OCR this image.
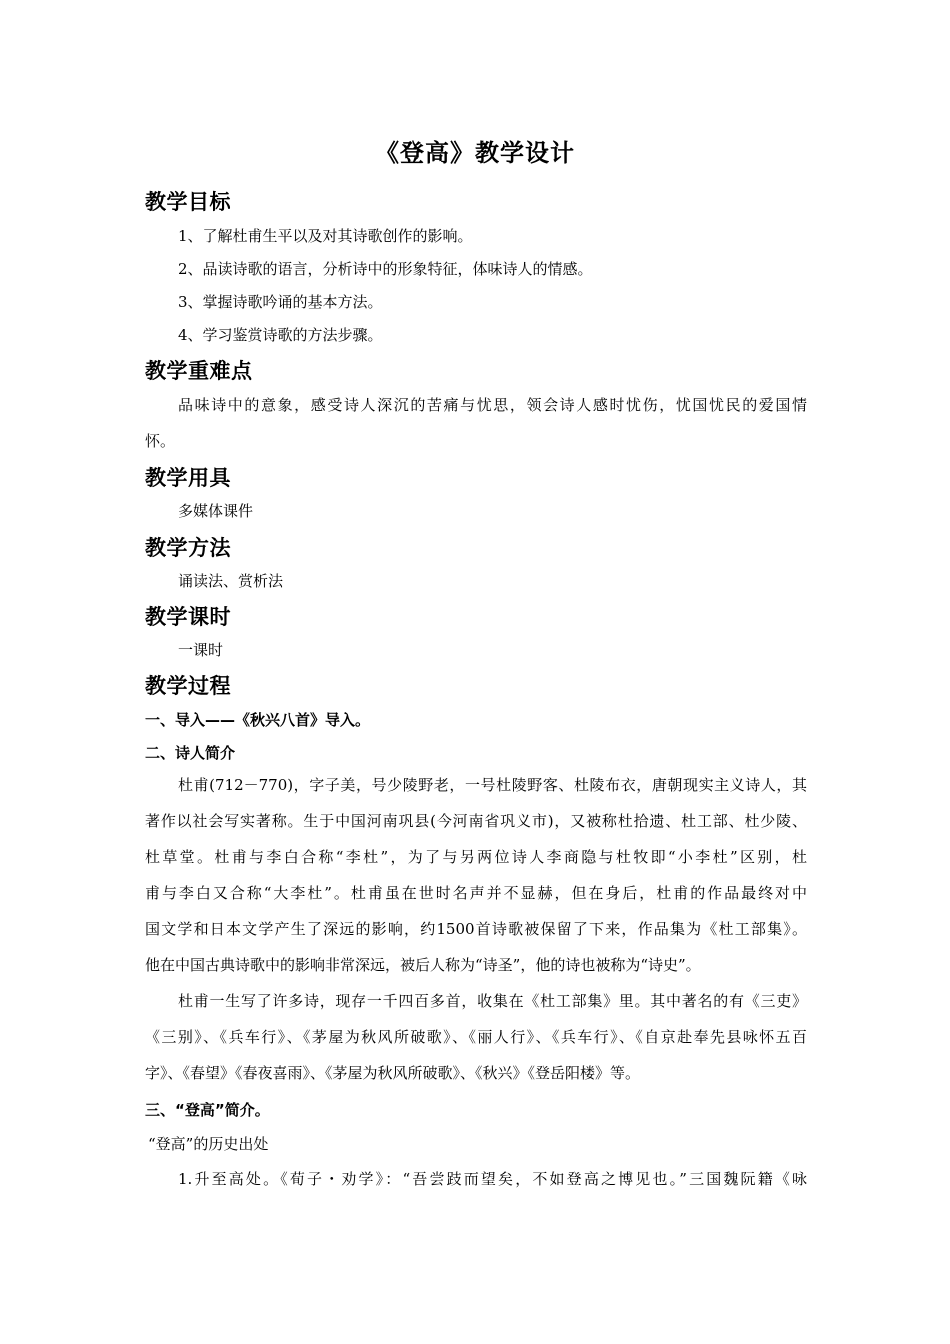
《登高》教学设计
教学目标
1、了解杜甫生平以及对其诗歌创作的影响。
2、品读诗歌的语言，分析诗中的形象特征，体味诗人的情感。
3、掌握诗歌吟诵的基本方法。
4、学习鉴赏诗歌的方法步骤。
教学重难点
品味诗中的意象，感受诗人深沉的苦痛与忧思，领会诗人感时忧伤，忧国忧民的爱国情
怀。
教学用具
多媒体课件
教学方法
诵读法、赏析法
教学课时
一课时
教学过程
一、导入——《秋兴八首》导入。
二、诗人简介
杜甫(712－770)，字子美，号少陵野老，一号杜陵野客、杜陵布衣，唐朝现实主义诗人，其
著作以社会写实著称。生于中国河南巩县(今河南省巩义市)，又被称杜拾遗、杜工部、杜少陵、
杜草堂。杜甫与李白合称“李杜”，为了与另两位诗人李商隐与杜牧即“小李杜”区别，杜
甫与李白又合称“大李杜”。杜甫虽在世时名声并不显赫，但在身后，杜甫的作品最终对中
国文学和日本文学产生了深远的影响，约1500首诗歌被保留了下来，作品集为《杜工部集》。
他在中国古典诗歌中的影响非常深远，被后人称为“诗圣”，他的诗也被称为“诗史”。
杜甫一生写了许多诗，现存一千四百多首，收集在《杜工部集》里。其中著名的有《三吏》
《三别》、《兵车行》、《茅屋为秋风所破歌》、《丽人行》、《兵车行》、《自京赴奉先县咏怀五百
字》、《春望》《春夜喜雨》、《茅屋为秋风所破歌》、《秋兴》《登岳阳楼》等。
三、“登高”简介。
“登高”的历史出处
1.升至高处。《荀子・劝学》：“吾尝跂而望矣，不如登高之博见也。”三国魏阮籍《咏
